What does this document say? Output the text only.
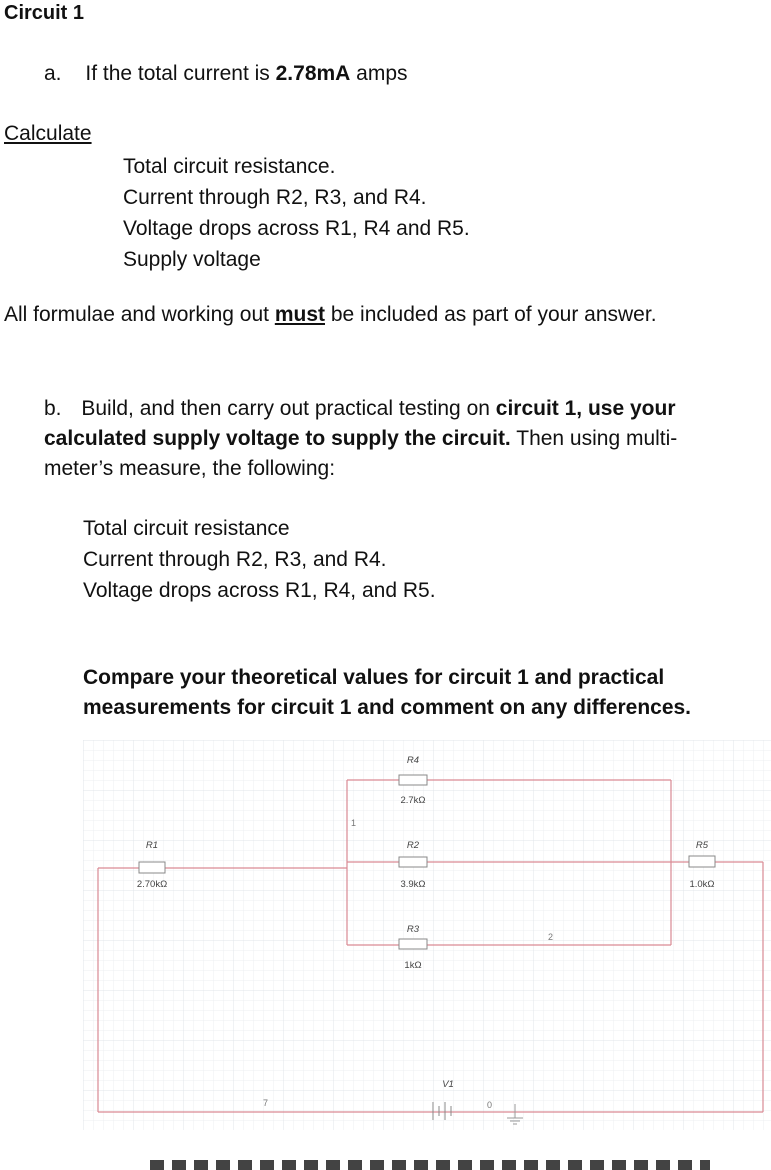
Circuit 1
a. If the total current is 2.78mA amps
Calculate
Total circuit resistance.
Current through R2, R3, and R4.
Voltage drops across R1, R4 and R5.
Supply voltage
All formulae and working out must be included as part of your answer.
b. Build, and then carry out practical testing on circuit 1, use your
calculated supply voltage to supply the circuit. Then using multi-
meter’s measure, the following:
Total circuit resistance
Current through R2, R3, and R4.
Voltage drops across R1, R4, and R5.
Compare your theoretical values for circuit 1 and practical
measurements for circuit 1 and comment on any differences.
R4
R1	R2	R5
R3
V1
2.7kΩ
2.70kΩ	3.9kΩ	1.0kΩ
1kΩ
1
2
7	0
